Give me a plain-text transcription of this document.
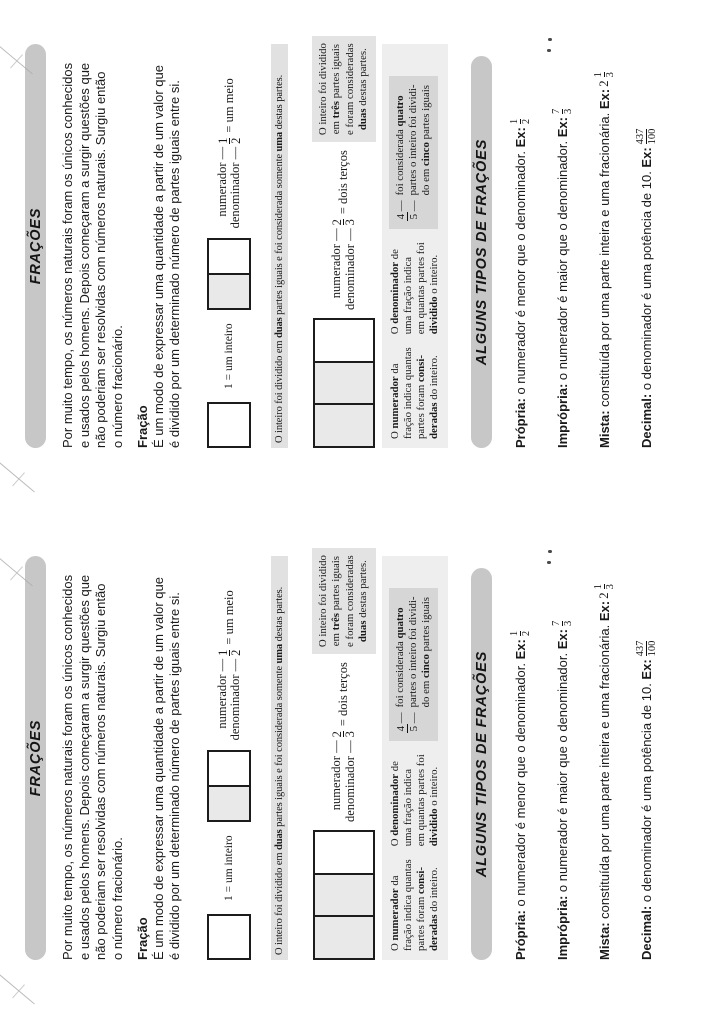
FRAÇÕES Por muito tempo, os números naturais foram os únicos conhecidos e usados pelos homens. Depois começaram a surgir questões que não poderiam ser resolvidas com números naturais. Surgiu então o número fracionário. Fração É um modo de expressar uma quantidade a partir de um valor que é dividido por um determinado número de partes iguais entre si.	1 = um inteiro
numerador — denominador —
1 2
= um meio
O inteiro foi dividido em duas partes iguais e foi considerada somente uma destas partes.
numerador — denominador —
2 3
= dois terços
O inteiro foi dividido em três partes iguais e foram consideradas duas destas partes.
O numerador da fração indica quantas partes foram consi-
deradas do inteiro.
O denominador de
uma fração indica em quantas partes foi dividido o inteiro.
4
—
5
—
foi considerada quatro partes o inteiro foi dividi- do em cinco partes iguais
ALGUNS TIPOS DE FRAÇÕES
Própria: o numerador é menor que o denominador. Ex:
1 2
Imprópria: o numerador é maior que o denominador. Ex:
7 3
Mista: constituída por uma parte inteira e uma fracionária. Ex:
2
1 3
Decimal: o denominador é uma potência de 10. Ex:
437 100
FRAÇÕES Por muito tempo, os números naturais foram os únicos conhecidos e usados pelos homens. Depois começaram a surgir questões que não poderiam ser resolvidas com números naturais. Surgiu então o número fracionário. Fração É um modo de expressar uma quantidade a partir de um valor que é dividido por um determinado número de partes iguais entre si.	1 = um inteiro
numerador — denominador —
1 2
= um meio
O inteiro foi dividido em duas partes iguais e foi considerada somente uma destas partes.
numerador — denominador —
2 3
= dois terços
O inteiro foi dividido em três partes iguais e foram consideradas duas destas partes.
O numerador da fração indica quantas partes foram consi-
deradas do inteiro.
O denominador de
uma fração indica em quantas partes foi dividido o inteiro.
4
—
5
—
foi considerada quatro partes o inteiro foi dividi- do em cinco partes iguais
ALGUNS TIPOS DE FRAÇÕES
Própria: o numerador é menor que o denominador. Ex:
1 2
Imprópria: o numerador é maior que o denominador. Ex:
7 3
Mista: constituída por uma parte inteira e uma fracionária. Ex:
2
1 3
Decimal: o denominador é uma potência de 10. Ex:
437 100
